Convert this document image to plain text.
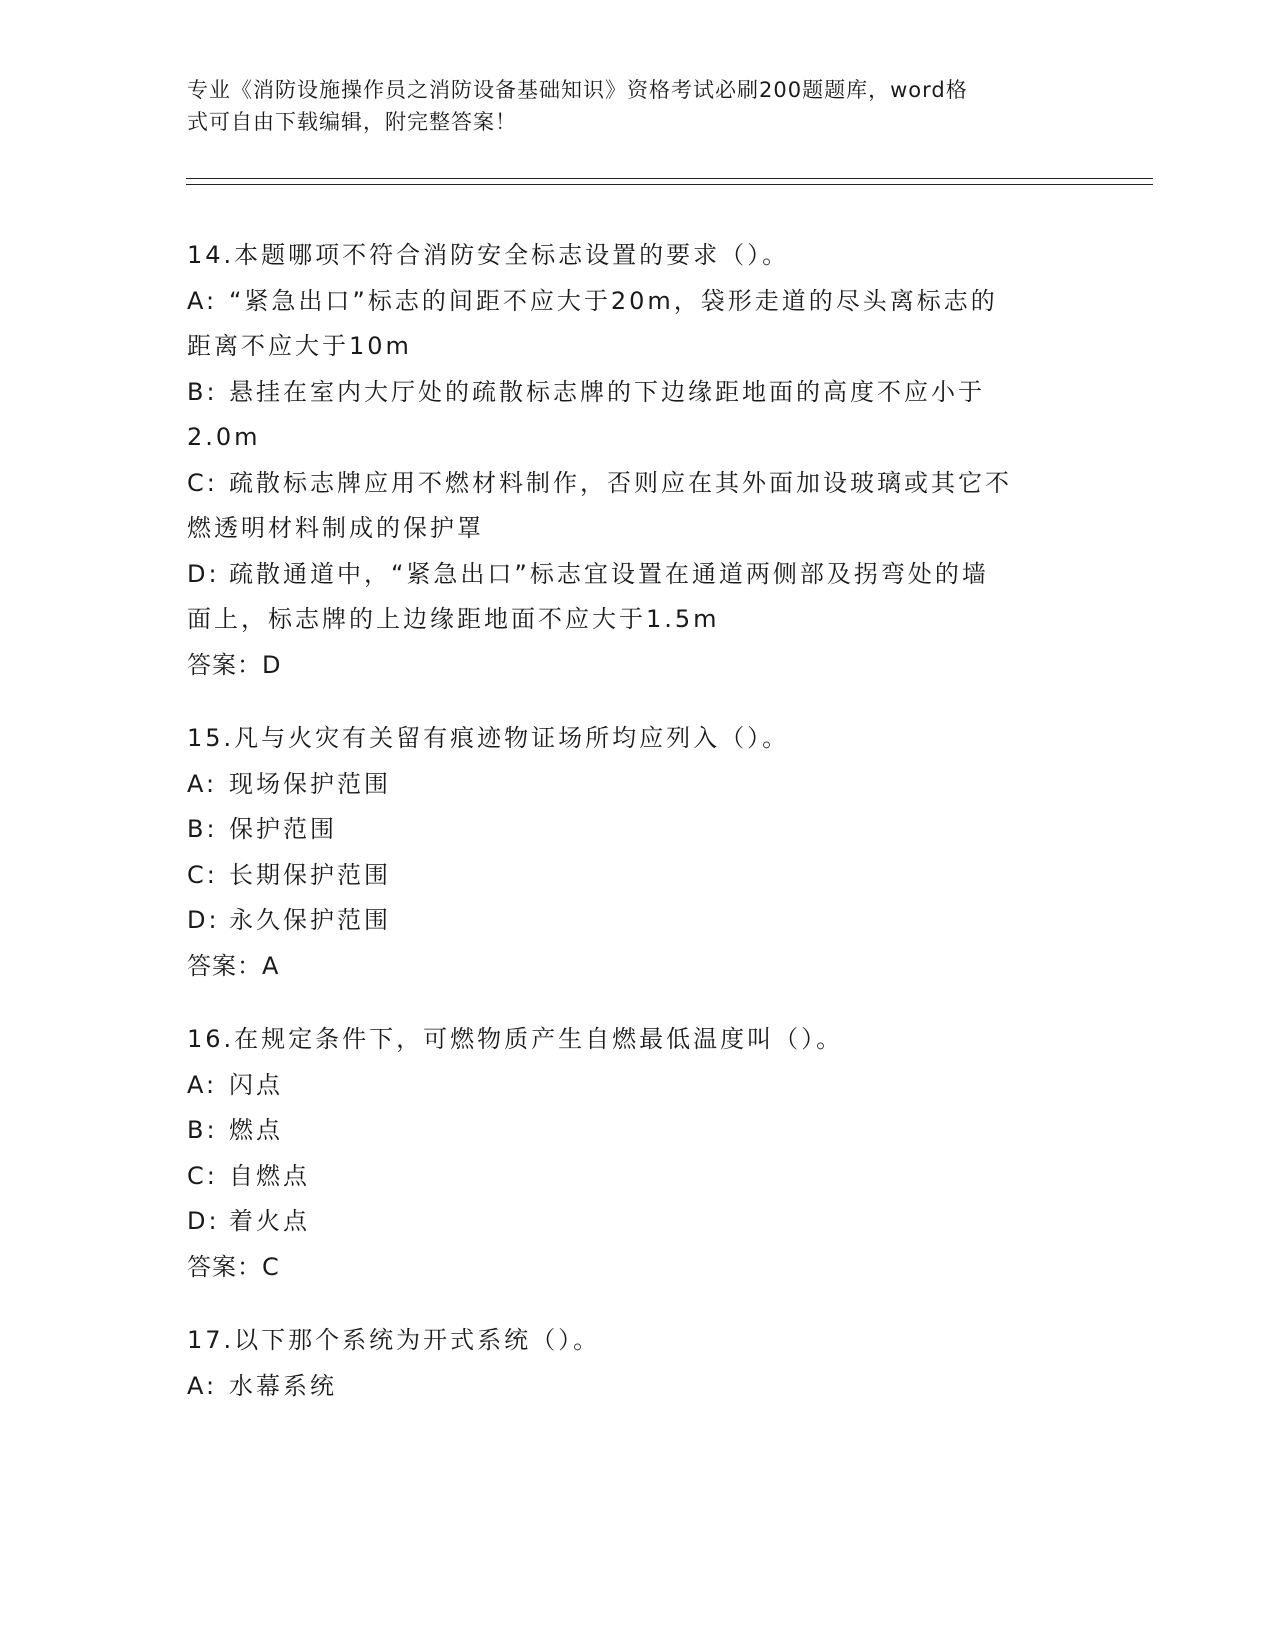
专业《消防设施操作员之消防设备基础知识》资格考试必刷200题题库，word格
式可自由下载编辑，附完整答案！
14.本题哪项不符合消防安全标志设置的要求（）。
A: “紧急出口”标志的间距不应大于20m，袋形走道的尽头离标志的
距离不应大于10m
B: 悬挂在室内大厅处的疏散标志牌的下边缘距地面的高度不应小于
2.0m
C: 疏散标志牌应用不燃材料制作，否则应在其外面加设玻璃或其它不
燃透明材料制成的保护罩
D: 疏散通道中，“紧急出口”标志宜设置在通道两侧部及拐弯处的墙
面上，标志牌的上边缘距地面不应大于1.5m
答案：D
15.凡与火灾有关留有痕迹物证场所均应列入（）。
A: 现场保护范围
B: 保护范围
C: 长期保护范围
D: 永久保护范围
答案：A
16.在规定条件下，可燃物质产生自燃最低温度叫（）。
A: 闪点
B: 燃点
C: 自燃点
D: 着火点
答案：C
17.以下那个系统为开式系统（）。
A: 水幕系统
